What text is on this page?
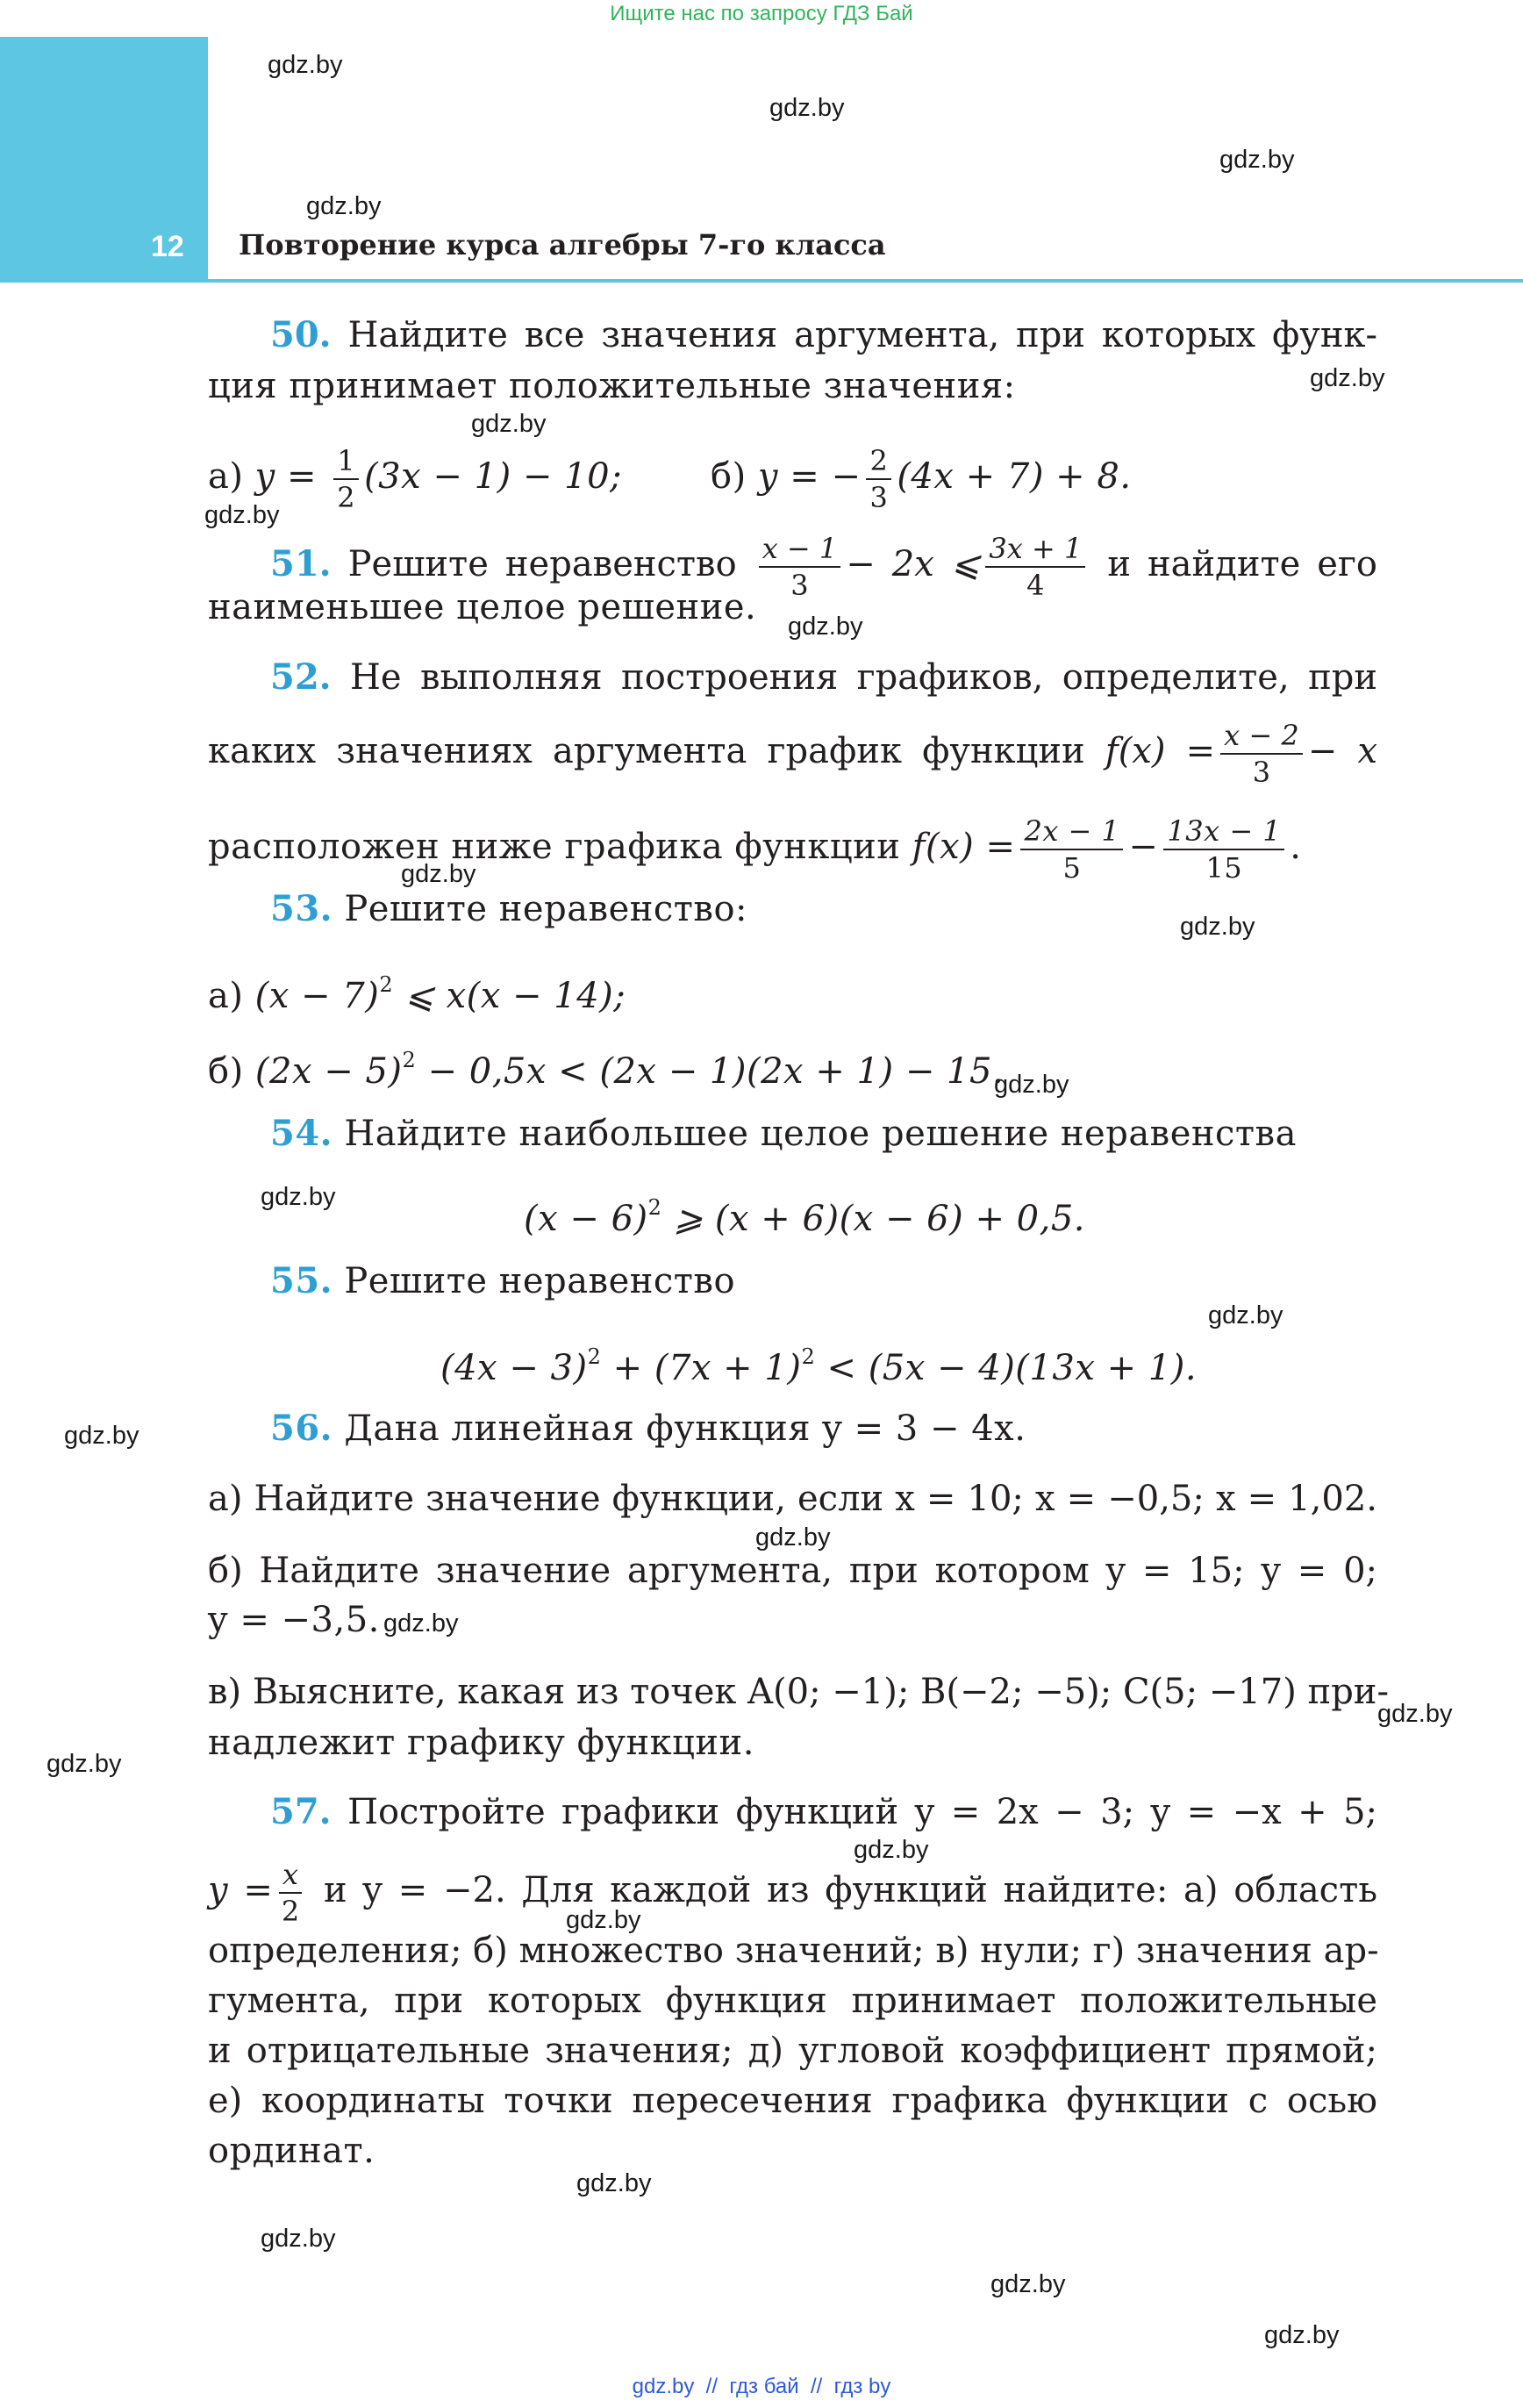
Ищите нас по запросу ГДЗ Бай
12 Повторение курса алгебры 7-го класса
gdz.by
gdz.by
gdz.by
gdz.by
gdz.by
gdz.by
gdz.by
gdz.by
gdz.by
gdz.by
gdz.by
gdz.by
gdz.by
gdz.by
gdz.by
gdz.by
gdz.by
gdz.by
gdz.by
gdz.by
gdz.by
gdz.by
gdz.by
gdz.by
50. Найдите все значения аргумента, при которых функ-
ция принимает положительные значения:
а) $y = \frac{1}{2} (3x - 1) - 10$;	б) y = − $\frac{2}{3} (4x + 7) + 8$.
51. Решите неравенство $\frac{x - 1}{3} - 2x$ ⩽ $\frac{3x + 1}{4}$ и найдите его
наименьшее целое решение.
52. Не выполняя построения графиков, определите, при
каких значениях аргумента график функции $f(x) = \frac{x - 2}{3} - x$
расположен ниже графика функции $f(x) = \frac{2x - 1}{5} - \frac{13x - 1}{15}$ .
53. Решите неравенство:
а) $(x - 7)^2$ ⩽ x(x − 14);
б) $(2x - 5)^2 - 0,5x < (2x - 1)(2x + 1) - 15$.
54. Найдите наибольшее целое решение неравенства
$(x - 6)^2$ ⩾ (x + 6)(x − 6) + 0,5.
55. Решите неравенство
$(4x - 3)^2 + (7x + 1)^2 < (5x - 4)(13x + 1)$.
56. Дана линейная функция y = 3 − 4x.
а) Найдите значение функции, если x = 10; x = −0,5; x = 1,02.
б) Найдите значение аргумента, при котором y = 15; y = 0;
y = −3,5.
в) Выясните, какая из точек A(0; −1); B(−2; −5); C(5; −17) при-
надлежит графику функции.
57. Постройте графики функций y = 2x − 3; y = −x + 5;
$y = \frac{x}{2}$ и y = −2. Для каждой из функций найдите: а) область
определения; б) множество значений; в) нули; г) значения ар-
гумента, при которых функция принимает положительные
и отрицательные значения; д) угловой коэффициент прямой;
е) координаты точки пересечения графика функции с осью
ординат.
gdz.by  //  гдз бай  //  гдз by
